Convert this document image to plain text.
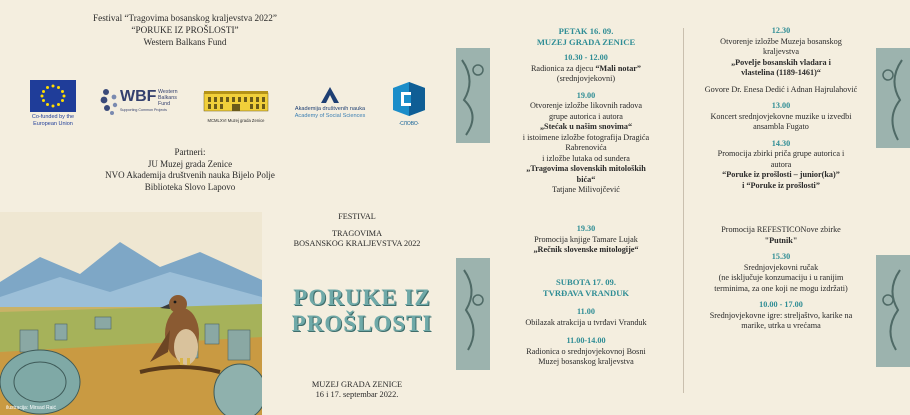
Festival “Tragovima bosanskog kraljevstva 2022”
“PORUKE IZ PROŠLOSTI”
Western Balkans Fund
Co-funded by the European Union
WBF Western
Balkans
Fund
Supporting Common Projects
MCMLXVI Muzej grada Zenice
Akademija društvenih nauka
Academy of Social Sciences
·СЛОВО·
Partneri:
JU Muzej grada Zenice
NVO Akademija društvenih nauka Bijelo Polje
Biblioteka Slovo Lapovo
ilustracija: Mirsad Raić
FESTIVAL
TRAGOVIMA
BOSANSKOG KRALJEVSTVA 2022
PORUKE IZ
PROŠLOSTI
MUZEJ GRADA ZENICE
16 i 17. septembar 2022.
PETAK 16. 09.
MUZEJ GRADA ZENICE
10.30 - 12.00
Radionica za djecu “Mali notar”
(srednjovjekovni)
19.00
Otvorenje izložbe likovnih radova
grupe autorica i autora
„Stećak u našim snovima“
i istoimene izložbe fotografija Dragića
Rabrenovića
i izložbe lutaka od sundera
„Tragovima slovenskih mitoloških
bića“
Tatjane Milivojčević
19.30
Promocija knjige Tamare Lujak
„Rečnik slovenske mitologije“
SUBOTA 17. 09.
TVRĐAVA VRANDUK
11.00
Obilazak atrakcija u tvrđavi Vranduk
11.00-14.00
Radionica o srednjovjekovnoj Bosni
Muzej bosanskog kraljevstva
12.30
Otvorenje izložbe Muzeja bosanskog
kraljevstva
„Povelje bosanskih vladara i
vlastelina (1189-1461)“
Govore Dr. Enesa Dedić i Adnan Hajrulahović
13.00
Koncert srednjovjekovne muzike u izvedbi
ansambla Fugato
14.30
Promocija zbirki priča grupe autorica i
autora
“Poruke iz prošlosti – junior(ka)”
i “Poruke iz prošlosti”
Promocija REFESTICONove zbirke
"Putnik"
15.30
Srednjovjekovni ručak
(ne isključuje konzumaciju i u ranijim
terminima, za one koji ne mogu izdržati)
10.00 - 17.00
Srednjovjekovne igre: streljaštvo, karike na
marike, utrka u vrećama
